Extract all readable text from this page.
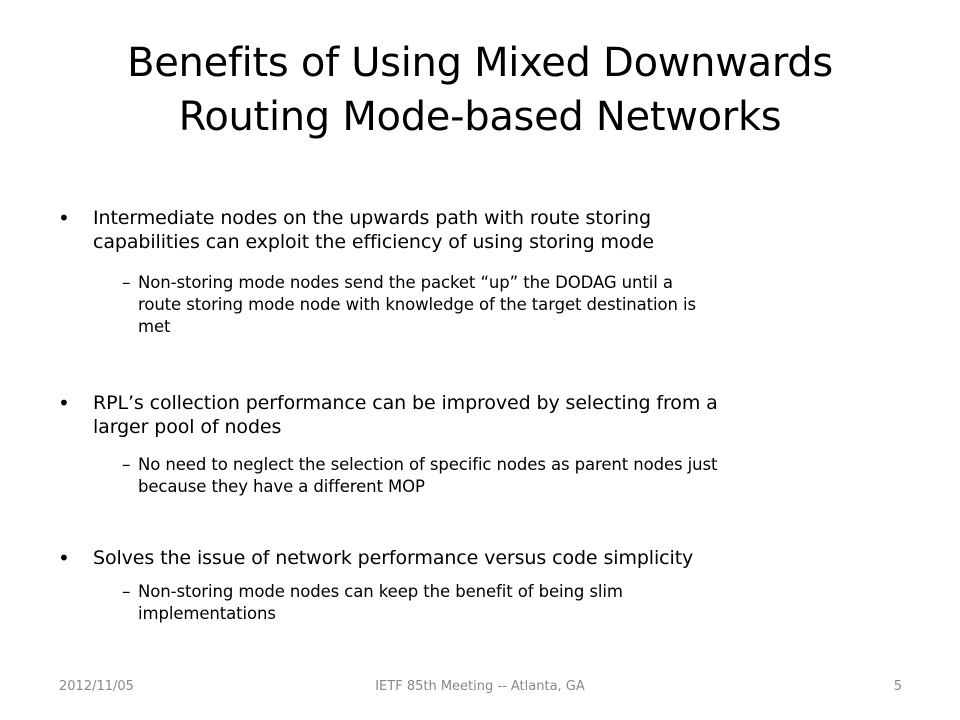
Benefits of Using Mixed Downwards
Routing Mode-based Networks
• Intermediate nodes on the upwards path with route storing
capabilities can exploit the efficiency of using storing mode
– Non-storing mode nodes send the packet “up” the DODAG until a
route storing mode node with knowledge of the target destination is
met
• RPL’s collection performance can be improved by selecting from a
larger pool of nodes
– No need to neglect the selection of specific nodes as parent nodes just
because they have a different MOP
• Solves the issue of network performance versus code simplicity
– Non-storing mode nodes can keep the benefit of being slim
implementations
2012/11/05	IETF 85th Meeting -- Atlanta, GA	5
